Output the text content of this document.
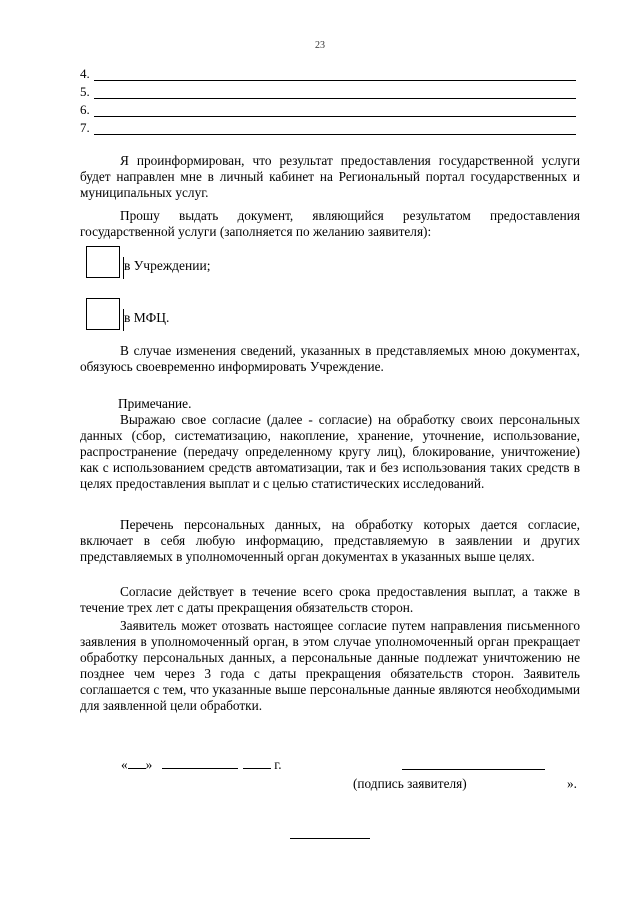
23
4.
5.
6.
7.

Я проинформирован, что результат предоставления государственной услуги будет направлен мне в личный кабинет на Региональный портал государственных и муниципальных услуг.

Прошу выдать документ, являющийся результатом предоставления государственной услуги (заполняется по желанию заявителя):

в Учреждении;
в МФЦ.

В случае изменения сведений, указанных в представляемых мною документах, обязуюсь своевременно информировать Учреждение.

Примечание.

Выражаю свое согласие (далее - согласие) на обработку своих персональных данных (сбор, систематизацию, накопление, хранение, уточнение, использование, распространение (передачу определенному кругу лиц), блокирование, уничтожение) как с использованием средств автоматизации, так и без использования таких средств в целях предоставления выплат и с целью статистических исследований.

Перечень персональных данных, на обработку которых дается согласие, включает в себя любую информацию, представляемую в заявлении и других представляемых в уполномоченный орган документах в указанных выше целях.

Согласие действует в течение всего срока предоставления выплат, а также в течение трех лет с даты прекращения обязательств сторон.

Заявитель может отозвать настоящее согласие путем направления письменного заявления в уполномоченный орган, в этом случае уполномоченный орган прекращает обработку персональных данных, а персональные данные подлежат уничтожению не позднее чем через 3 года с даты прекращения обязательств сторон. Заявитель соглашается с тем, что указанные выше персональные данные являются необходимыми для заявленной цели обработки.

« »	г.
(подпись заявителя)	».
